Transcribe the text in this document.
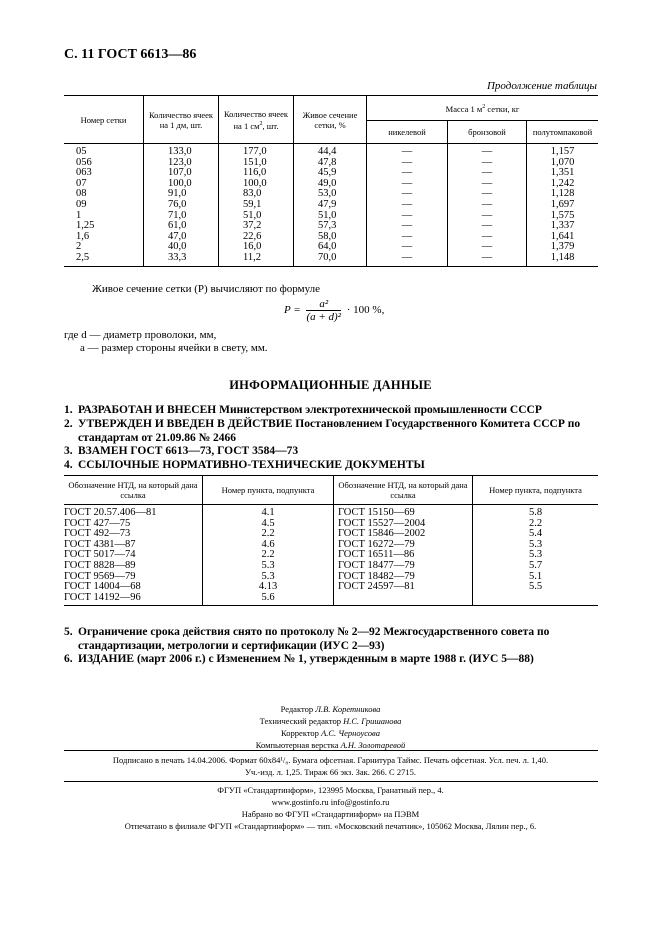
С. 11 ГОСТ 6613—86
Продолжение таблицы
Номер сетки	Количество ячеек на 1 дм, шт.	Количество ячеек на 1 $см^2$, шт.	Живое сечение сетки, %	Масса 1 $м^2$ сетки, кг		
				никелевой	бронзовой	полутомпаковой
05	133,0	177,0	44,4	—	—	1,157
056	123,0	151,0	47,8	—	—	1,070
063	107,0	116,0	45,9	—	—	1,351
07	100,0	100,0	49,0	—	—	1,242
08	91,0	83,0	53,0	—	—	1,128
09	76,0	59,1	47,9	—	—	1,697
1	71,0	51,0	51,0	—	—	1,575
1,25	61,0	37,2	57,3	—	—	1,337
1,6	47,0	22,6	58,0	—	—	1,641
2	40,0	16,0	64,0	—	—	1,379
2,5	33,3	11,2	70,0	—	—	1,148
Живое сечение сетки (P) вычисляют по формуле
$P = \frac{\text{a²}}{\text{(a + d)²}} \cdot 100$ %,
где d — диаметр проволоки, мм,
a — размер стороны ячейки в свету, мм.
ИНФОРМАЦИОННЫЕ ДАННЫЕ
1. РАЗРАБОТАН И ВНЕСЕН Министерством электротехнической промышленности СССР
2. УТВЕРЖДЕН И ВВЕДЕН В ДЕЙСТВИЕ Постановлением Государственного Комитета СССР по
стандартам от 21.09.86 № 2466
3. ВЗАМЕН ГОСТ 6613—73, ГОСТ 3584—73
4. ССЫЛОЧНЫЕ НОРМАТИВНО-ТЕХНИЧЕСКИЕ ДОКУМЕНТЫ
Обозначение НТД, на который дана ссылка	Номер пункта, подпункта	Обозначение НТД, на который дана ссылка	Номер пункта, подпункта
ГОСТ 20.57.406—81	4.1	ГОСТ 15150—69	5.8
ГОСТ 427—75	4.5	ГОСТ 15527—2004	2.2
ГОСТ 492—73	2.2	ГОСТ 15846—2002	5.4
ГОСТ 4381—87	4.6	ГОСТ 16272—79	5.3
ГОСТ 5017—74	2.2	ГОСТ 16511—86	5.3
ГОСТ 8828—89	5.3	ГОСТ 18477—79	5.7
ГОСТ 9569—79	5.3	ГОСТ 18482—79	5.1
ГОСТ 14004—68	4.13	ГОСТ 24597—81	5.5
ГОСТ 14192—96	5.6		
5. Ограничение срока действия снято по протоколу № 2—92 Межгосударственного совета по
стандартизации, метрологии и сертификации (ИУС 2—93)
6. ИЗДАНИЕ (март 2006 г.) с Изменением № 1, утвержденным в марте 1988 г. (ИУС 5—88)
Редактор Л.В. Коретникова
Технический редактор Н.С. Гришанова
Корректор А.С. Черноусова
Компьютерная верстка А.Н. Золотаревой
Подписано в печать 14.04.2006. Формат 60x84¹/₈. Бумага офсетная. Гарнитура Таймс. Печать офсетная. Усл. печ. л. 1,40.
Уч.-изд. л. 1,25. Тираж 66 экз. Зак. 266. С 2715.
ФГУП «Стандартинформ», 123995 Москва, Гранатный пер., 4.
www.gostinfo.ru info@gostinfo.ru
Набрано во ФГУП «Стандартинформ» на ПЭВМ
Отпечатано в филиале ФГУП «Стандартинформ» — тип. «Московский печатник», 105062 Москва, Лялин пер., 6.
